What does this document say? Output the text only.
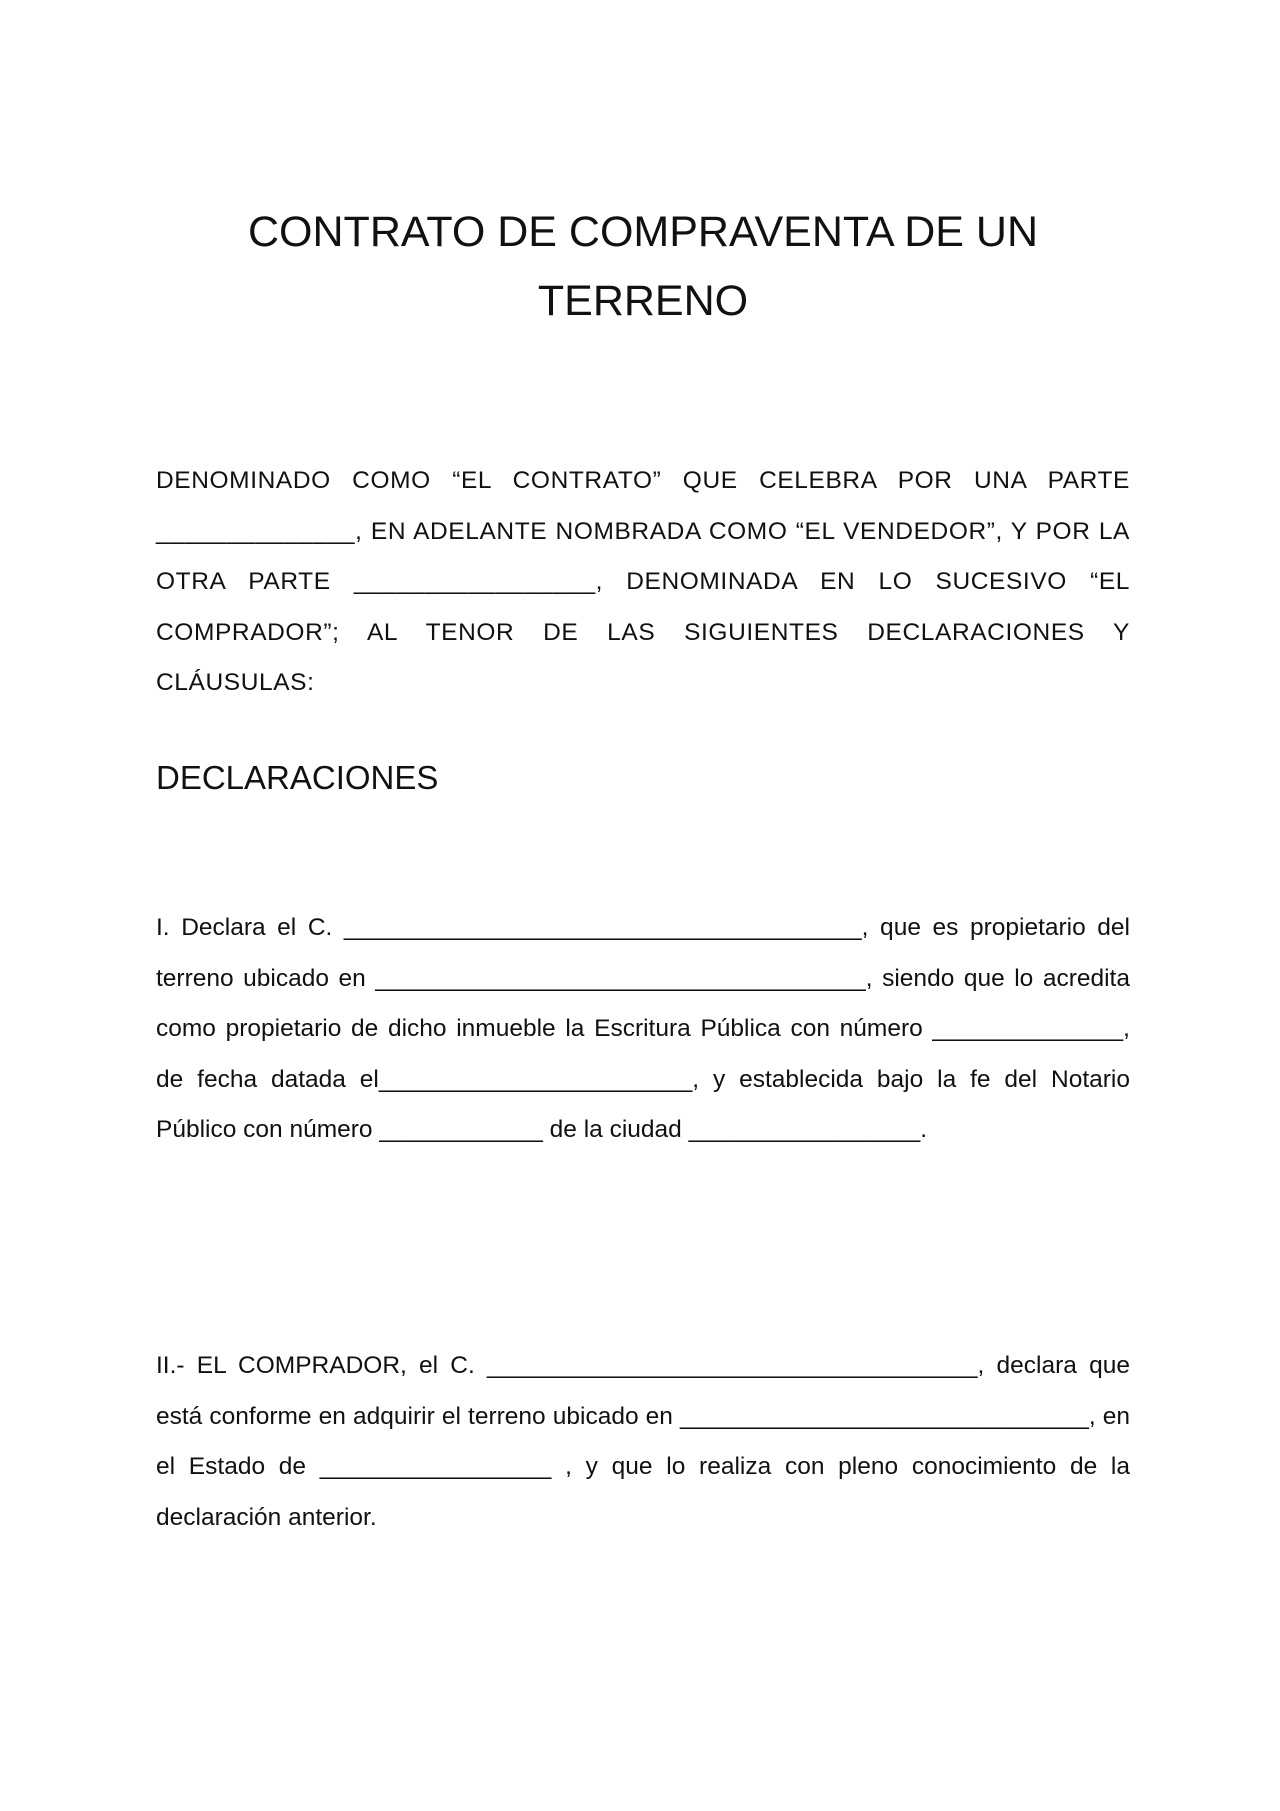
CONTRATO DE COMPRAVENTA DE UN TERRENO

DENOMINADO COMO “EL CONTRATO” QUE CELEBRA POR UNA PARTE ______________, EN ADELANTE NOMBRADA COMO “EL VENDEDOR”, Y POR LA OTRA PARTE _________________, DENOMINADA EN LO SUCESIVO “EL COMPRADOR”; AL TENOR DE LAS SIGUIENTES DECLARACIONES Y CLÁUSULAS:

DECLARACIONES

I. Declara el C. ______________________________________, que es propietario del terreno ubicado en ____________________________________, siendo que lo acredita como propietario de dicho inmueble la Escritura Pública con número ______________, de fecha datada el_______________________, y establecida bajo la fe del Notario Público con número ____________ de la ciudad _________________.

II.- EL COMPRADOR, el C. ____________________________________, declara que está conforme en adquirir el terreno ubicado en ______________________________, en el Estado de _________________ , y que lo realiza con pleno conocimiento de la declaración anterior.
